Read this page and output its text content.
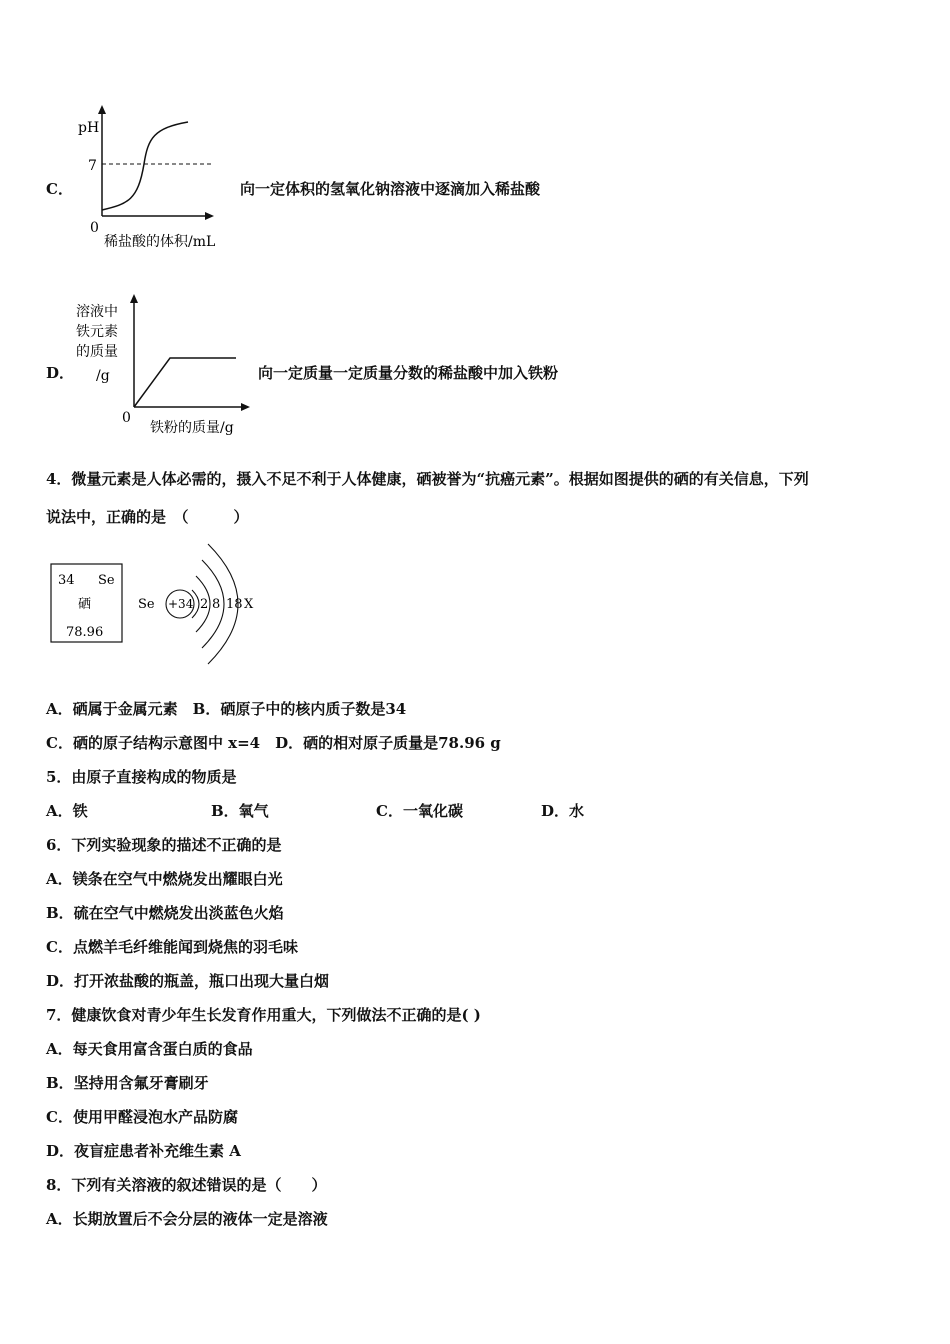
C．
pH
7
0
稀盐酸的体积/mL
向一定体积的氢氧化钠溶液中逐滴加入稀盐酸
D．
溶液中
铁元素
的质量
/g
0
铁粉的质量/g
向一定质量一定质量分数的稀盐酸中加入铁粉
4．微量元素是人体必需的，摄入不足不利于人体健康，硒被誉为“抗癌元素”。根据如图提供的硒的有关信息，下列
说法中，正确的是　（　　　）
34 Se
硒
78.96
Se +34 2 8 18 X
A．硒属于金属元素　B．硒原子中的核内质子数是34
C．硒的原子结构示意图中 x=4　D．硒的相对原子质量是78.96 g
5．由原子直接构成的物质是
A．铁	B．氧气	C．一氧化碳	D．水
6．下列实验现象的描述不正确的是
A．镁条在空气中燃烧发出耀眼白光
B．硫在空气中燃烧发出淡蓝色火焰
C．点燃羊毛纤维能闻到烧焦的羽毛味
D．打开浓盐酸的瓶盖，瓶口出现大量白烟
7．健康饮食对青少年生长发育作用重大，下列做法不正确的是( )
A．每天食用富含蛋白质的食品
B．坚持用含氟牙膏刷牙
C．使用甲醛浸泡水产品防腐
D．夜盲症患者补充维生素 A
8．下列有关溶液的叙述错误的是（　　）
A．长期放置后不会分层的液体一定是溶液
